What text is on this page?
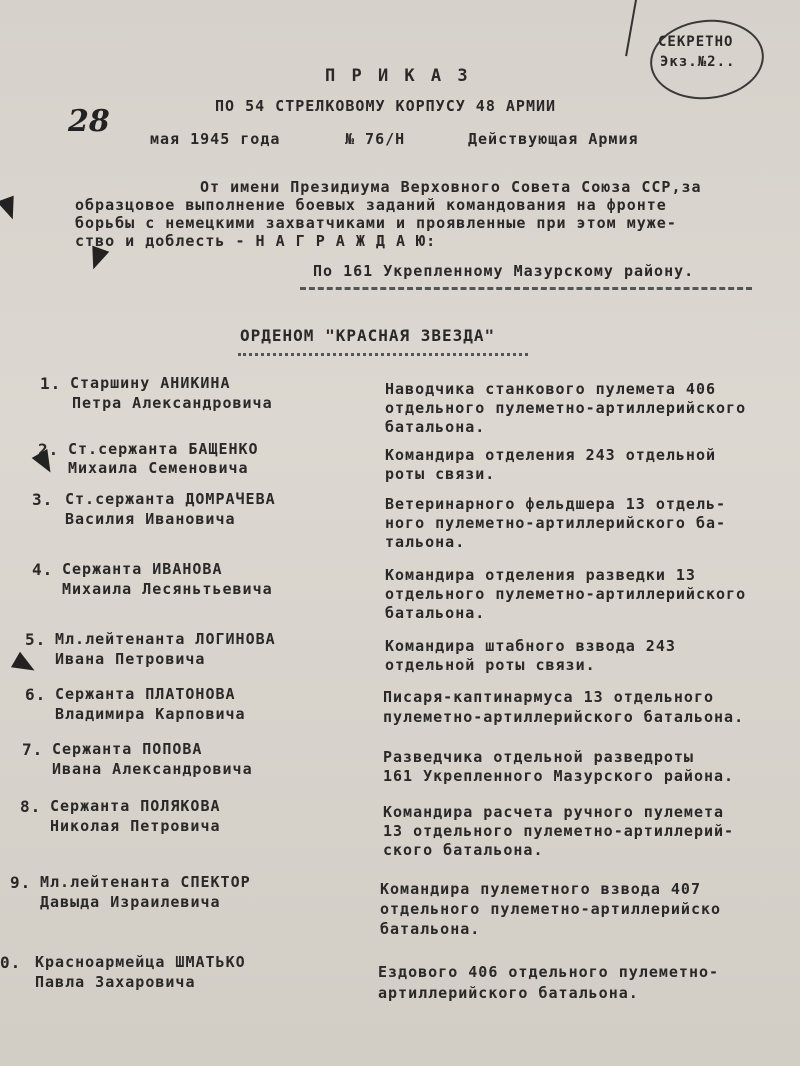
СЕКРЕТНО
Экз.№2..
П Р И К А З
ПО 54 СТРЕЛКОВОМУ КОРПУСУ 48 АРМИИ
28	мая 1945 года	№ 76/Н	Действующая Армия
От имени Президиума Верховного Совета Союза ССР,за
образцовое выполнение боевых заданий командования на фронте
борьбы с немецкими захватчиками и проявленные при этом муже-
ство и доблесть - Н А Г Р А Ж Д А Ю:
По 161 Укрепленному Мазурскому району.
ОРДЕНОМ "КРАСНАЯ ЗВЕЗДА"
1. Старшину АНИКИНА
Петра Александровича
Наводчика станкового пулемета 406
отдельного пулеметно-артиллерийского
батальона.
2. Ст.сержанта БАЩЕНКО
Михаила Семеновича
Командира отделения 243 отдельной
роты связи.
3. Ст.сержанта ДОМРАЧЕВА
Василия Ивановича
Ветеринарного фельдшера 13 отдель-
ного пулеметно-артиллерийского ба-
тальона.
4. Сержанта ИВАНОВА
Михаила Лесяньтьевича
Командира отделения разведки 13
отдельного пулеметно-артиллерийского
батальона.
5. Мл.лейтенанта ЛОГИНОВА
Ивана Петровича
Командира штабного взвода 243
отдельной роты связи.
6. Сержанта ПЛАТОНОВА
Владимира Карповича
Писаря-каптинармуса 13 отдельного
пулеметно-артиллерийского батальона.
7. Сержанта ПОПОВА
Ивана Александровича
Разведчика отдельной разведроты
161 Укрепленного Мазурского района.
8. Сержанта ПОЛЯКОВА
Николая Петровича
Командира расчета ручного пулемета
13 отдельного пулеметно-артиллерий-
ского батальона.
9. Мл.лейтенанта СПЕКТОР
Давыда Израилевича
Командира пулеметного взвода 407
отдельного пулеметно-артиллерийско
батальона.
0. Красноармейца ШМАТЬКО
Павла Захаровича
Ездового 406 отдельного пулеметно-
артиллерийского батальона.
